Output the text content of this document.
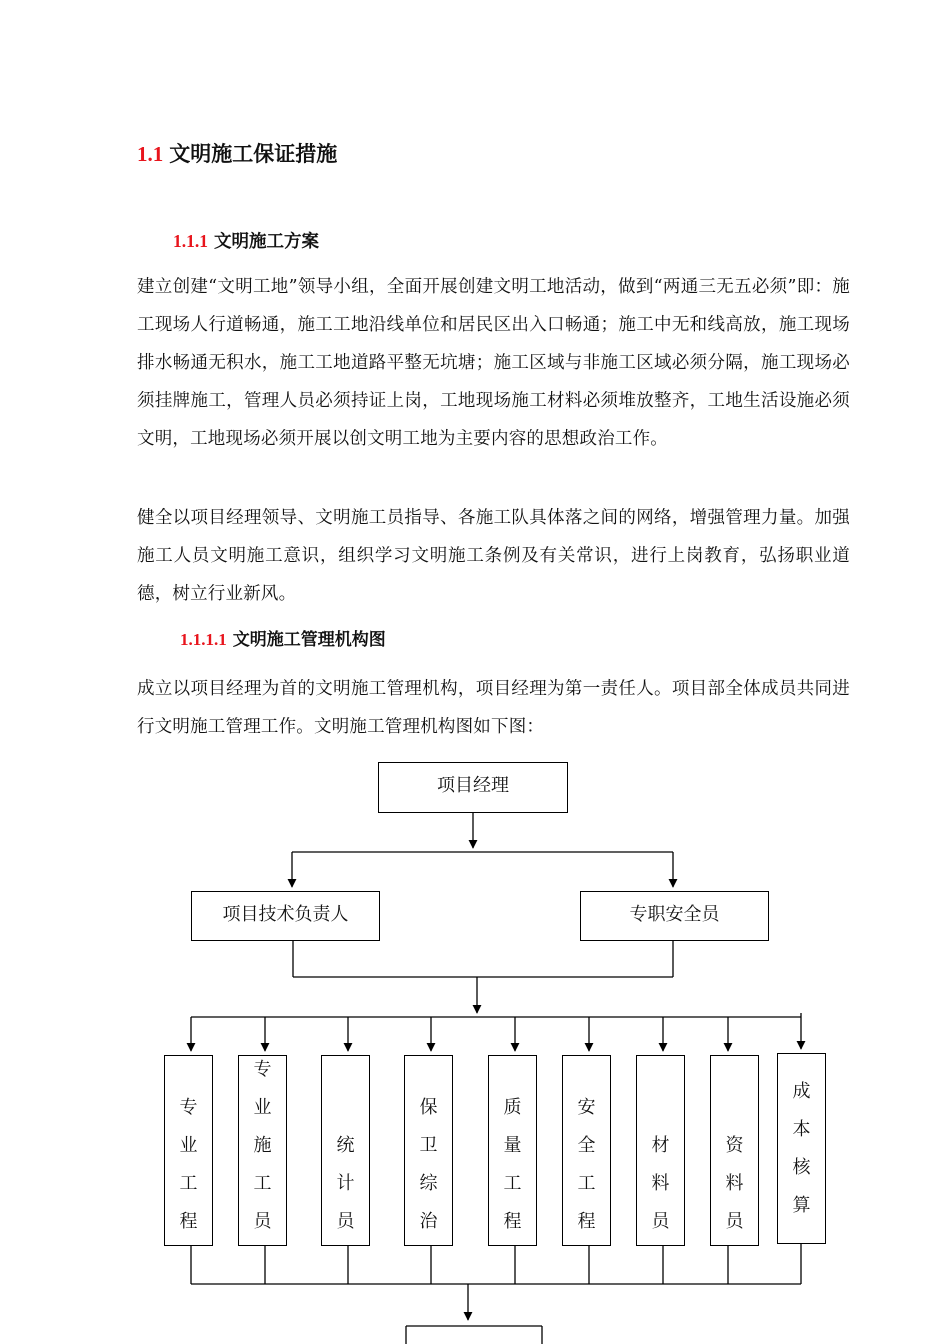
1.1 文明施工保证措施
1.1.1 文明施工方案

建立创建“文明工地”领导小组，全面开展创建文明工地活动，做到“两通三无五必须”即：施工现场人行道畅通，施工工地沿线单位和居民区出入口畅通；施工中无和线高放，施工现场排水畅通无积水，施工工地道路平整无坑塘；施工区域与非施工区域必须分隔，施工现场必须挂牌施工，管理人员必须持证上岗，工地现场施工材料必须堆放整齐，工地生活设施必须文明，工地现场必须开展以创文明工地为主要内容的思想政治工作。

健全以项目经理领导、文明施工员指导、各施工队具体落之间的网络，增强管理力量。加强施工人员文明施工意识，组织学习文明施工条例及有关常识，进行上岗教育，弘扬职业道德，树立行业新风。

1.1.1.1 文明施工管理机构图

成立以项目经理为首的文明施工管理机构，项目经理为第一责任人。项目部全体成员共同进行文明施工管理工作。文明施工管理机构图如下图：

项目经理
项目技术负责人	专职安全员
专
业
工
程
专
业
施
工
员
统
计
员
保
卫
综
治
质
量
工
程
安
全
工
程
材
料
员
资
料
员
成
本
核
算
